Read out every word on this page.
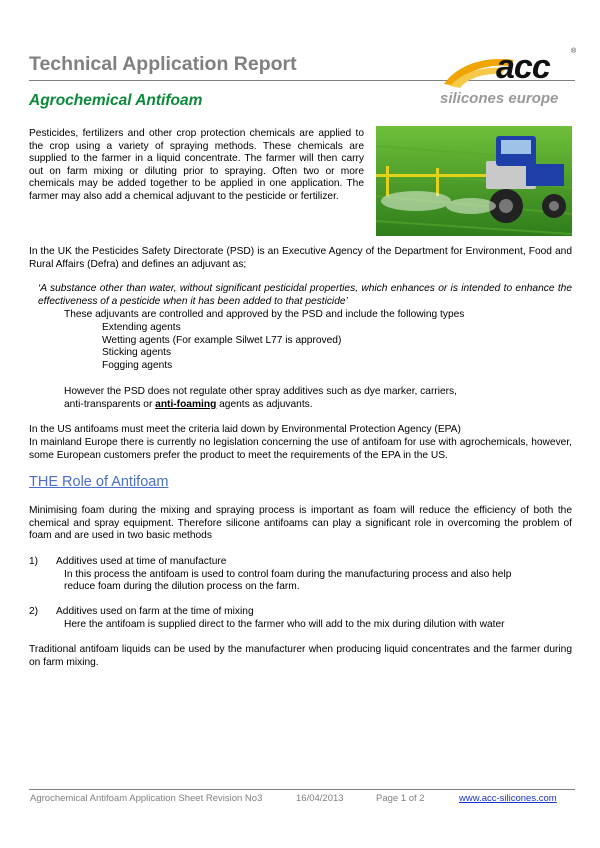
Technical Application Report
Agrochemical Antifoam
acc	®
silicones europe
Pesticides, fertilizers and other crop protection chemicals are applied to the crop using a variety of spraying methods. These chemicals are supplied to the farmer in a liquid concentrate. The farmer will then carry out on farm mixing or diluting prior to spraying. Often two or more chemicals may be added together to be applied in one application. The farmer may also add a chemical adjuvant to the pesticide or fertilizer.
In the UK the Pesticides Safety Directorate (PSD) is an Executive Agency of the Department for Environment, Food and Rural Affairs (Defra) and defines an adjuvant as;
‘A substance other than water, without significant pesticidal properties, which enhances or is intended to enhance the effectiveness of a pesticide when it has been added to that pesticide’
These adjuvants are controlled and approved by the PSD and include the following types
Extending agents
Wetting agents (For example Silwet L77 is approved)
Sticking agents
Fogging agents
However the PSD does not regulate other spray additives such as dye marker, carriers,
anti-transparents or anti-foaming agents as adjuvants.
In the US antifoams must meet the criteria laid down by Environmental Protection Agency (EPA)
In mainland Europe there is currently no legislation concerning the use of antifoam for use with agrochemicals, however, some European customers prefer the product to meet the requirements of the EPA in the US.
THE Role of Antifoam
Minimising foam during the mixing and spraying process is important as foam will reduce the efficiency of both the chemical and spray equipment. Therefore silicone antifoams can play a significant role in overcoming the problem of foam and are used in two basic methods
1) Additives used at time of manufacture
In this process the antifoam is used to control foam during the manufacturing process and also help
reduce foam during the dilution process on the farm.
2) Additives used on farm at the time of mixing
Here the antifoam is supplied direct to the farmer who will add to the mix during dilution with water
Traditional antifoam liquids can be used by the manufacturer when producing liquid concentrates and the farmer during on farm mixing.
Agrochemical Antifoam Application Sheet Revision No3	16/04/2013	Page 1 of 2	www.acc-silicones.com
